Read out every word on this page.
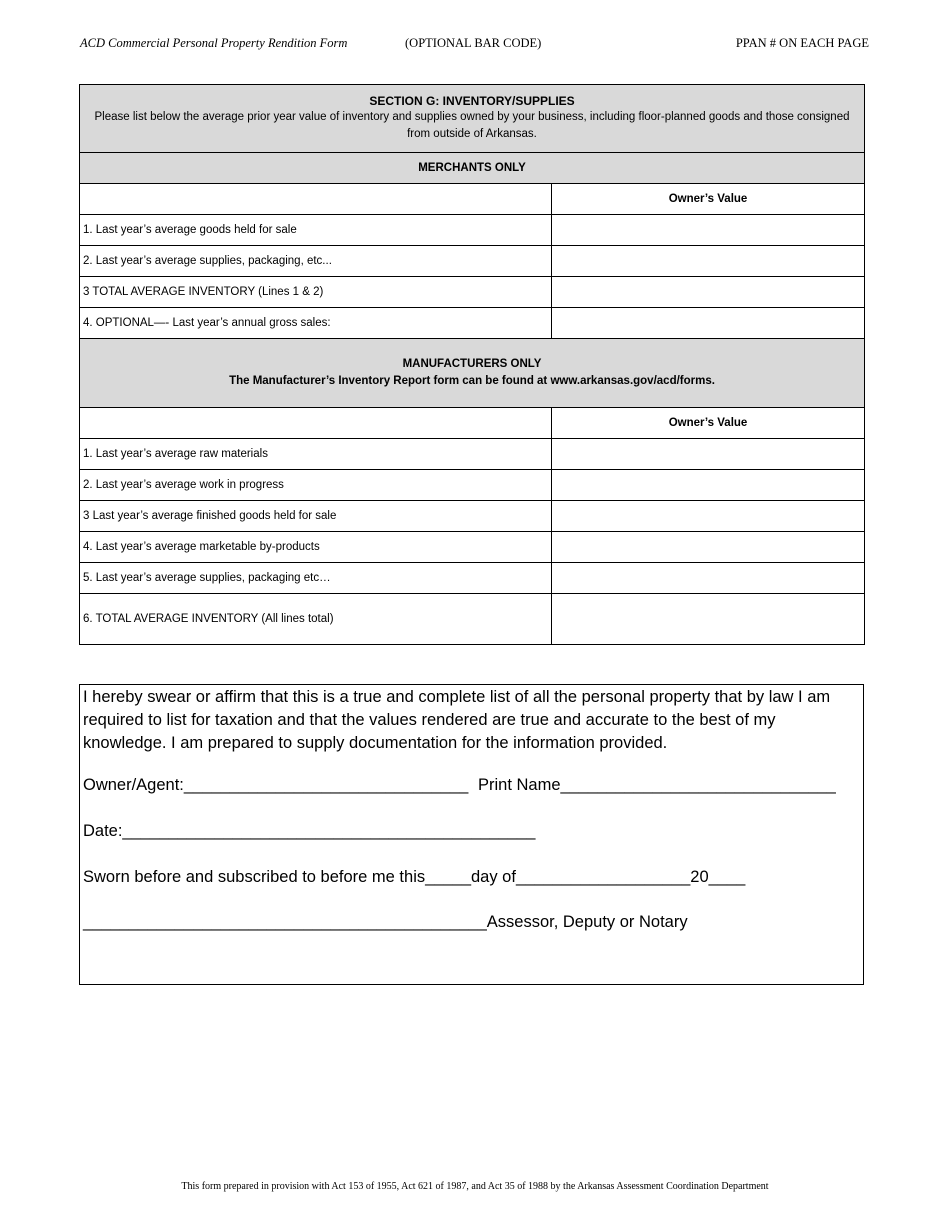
ACD Commercial Personal Property Rendition Form	(OPTIONAL BAR CODE)	PPAN # ON EACH PAGE
SECTION G: INVENTORY/SUPPLIES
Please list below the average prior year value of inventory and supplies owned by your business, including floor-planned goods and those consigned from outside of Arkansas.	

MERCHANTS ONLY	
	Owner’s Value
1. Last year’s average goods held for sale	
2. Last year’s average supplies, packaging, etc...	
3 TOTAL AVERAGE INVENTORY (Lines 1 & 2)	
4. OPTIONAL—- Last year’s annual gross sales:	

MANUFACTURERS ONLY
The Manufacturer’s Inventory Report form can be found at www.arkansas.gov/acd/forms.	

	Owner’s Value
1. Last year’s average raw materials	
2. Last year’s average work in progress	
3 Last year’s average finished goods held for sale	
4. Last year’s average marketable by-products	
5. Last year’s average supplies, packaging etc…	
6. TOTAL AVERAGE INVENTORY (All lines total)	
I hereby swear or affirm that this is a true and complete list of all the personal property that by law I am required to list for taxation and that the values rendered are true and accurate to the best of my knowledge. I am prepared to supply documentation for the information provided.
Owner/Agent:_______________________________ Print Name______________________________
Date:_____________________________________________
Sworn before and subscribed to before me this_____day of___________________20____
____________________________________________Assessor, Deputy or Notary
This form prepared in provision with Act 153 of 1955, Act 621 of 1987, and Act 35 of 1988 by the Arkansas Assessment Coordination Department
